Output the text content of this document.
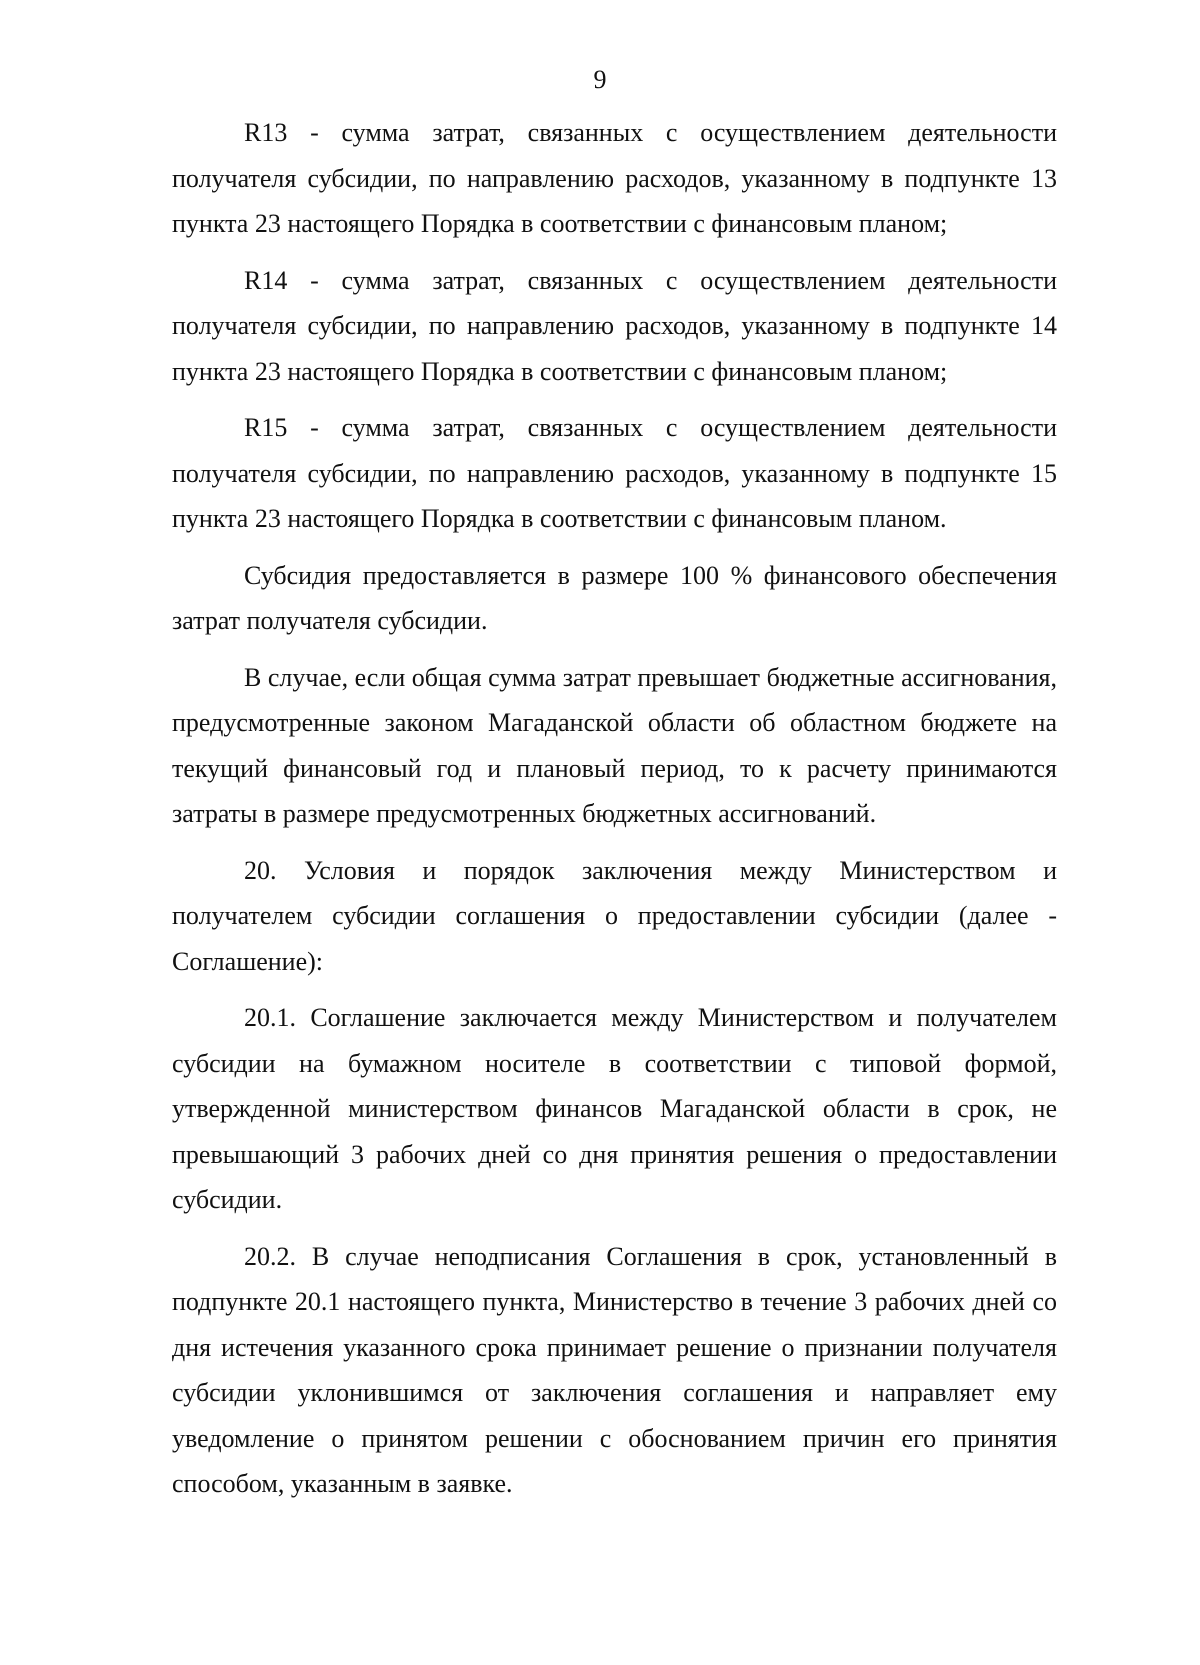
9

R13 - сумма затрат, связанных с осуществлением деятельности получателя субсидии, по направлению расходов, указанному в подпункте 13 пункта 23 настоящего Порядка в соответствии с финансовым планом;

R14 - сумма затрат, связанных с осуществлением деятельности получателя субсидии, по направлению расходов, указанному в подпункте 14 пункта 23 настоящего Порядка в соответствии с финансовым планом;

R15 - сумма затрат, связанных с осуществлением деятельности получателя субсидии, по направлению расходов, указанному в подпункте 15 пункта 23 настоящего Порядка в соответствии с финансовым планом.

Субсидия предоставляется в размере 100 % финансового обеспечения затрат получателя субсидии.

В случае, если общая сумма затрат превышает бюджетные ассигнования, предусмотренные законом Магаданской области об областном бюджете на текущий финансовый год и плановый период, то к расчету принимаются затраты в размере предусмотренных бюджетных ассигнований.

20. Условия и порядок заключения между Министерством и получателем субсидии соглашения о предоставлении субсидии (далее - Соглашение):

20.1. Соглашение заключается между Министерством и получателем субсидии на бумажном носителе в соответствии с типовой формой, утвержденной министерством финансов Магаданской области в срок, не превышающий 3 рабочих дней со дня принятия решения о предоставлении субсидии.

20.2. В случае неподписания Соглашения в срок, установленный в подпункте 20.1 настоящего пункта, Министерство в течение 3 рабочих дней со дня истечения указанного срока принимает решение о признании получателя субсидии уклонившимся от заключения соглашения и направляет ему уведомление о принятом решении с обоснованием причин его принятия способом, указанным в заявке.
